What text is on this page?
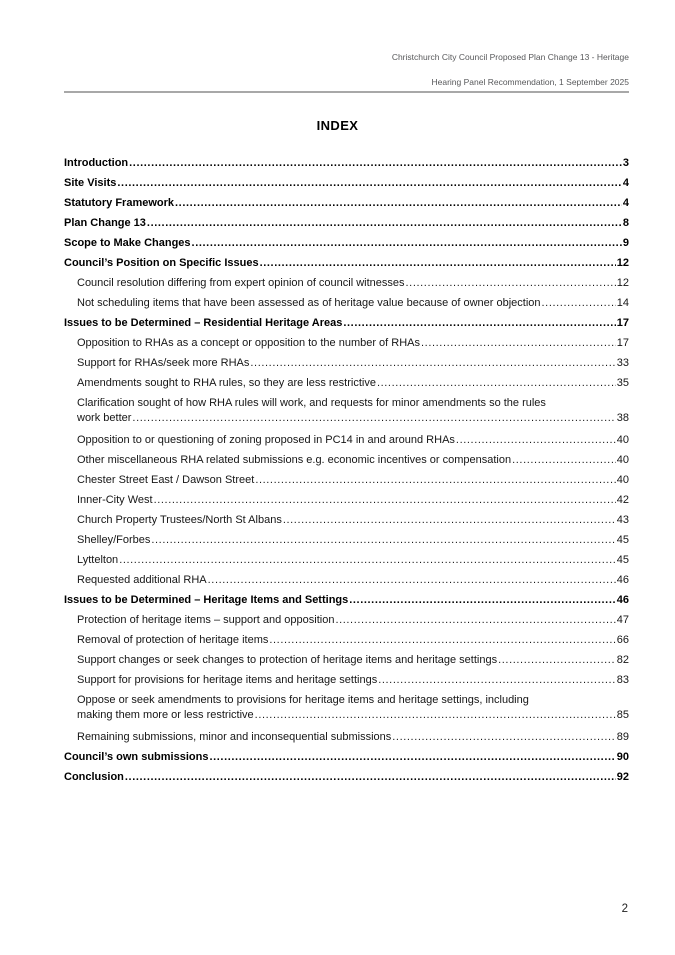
Christchurch City Council Proposed Plan Change 13 - Heritage
Hearing Panel Recommendation, 1 September 2025
INDEX
Introduction .....	3
Site Visits .....	4
Statutory Framework .....	4
Plan Change 13 .....	8
Scope to Make Changes .....	9
Council’s Position on Specific Issues .....	12
Council resolution differing from expert opinion of council witnesses .....	12
Not scheduling items that have been assessed as of heritage value because of owner objection .....	14
Issues to be Determined – Residential Heritage Areas .....	17
Opposition to RHAs as a concept or opposition to the number of RHAs .....	17
Support for RHAs/seek more RHAs .....	33
Amendments sought to RHA rules, so they are less restrictive .....	35
Clarification sought of how RHA rules will work, and requests for minor amendments so the rules
work better .....	38
Opposition to or questioning of zoning proposed in PC14 in and around RHAs .....	40
Other miscellaneous RHA related submissions e.g. economic incentives or compensation .....	40
Chester Street East / Dawson Street .....	40
Inner-City West .....	42
Church Property Trustees/North St Albans .....	43
Shelley/Forbes .....	45
Lyttelton .....	45
Requested additional RHA .....	46
Issues to be Determined – Heritage Items and Settings .....	46
Protection of heritage items – support and opposition .....	47
Removal of protection of heritage items .....	66
Support changes or seek changes to protection of heritage items and heritage settings .....	82
Support for provisions for heritage items and heritage settings .....	83
Oppose or seek amendments to provisions for heritage items and heritage settings, including
making them more or less restrictive .....	85
Remaining submissions, minor and inconsequential submissions .....	89
Council’s own submissions .....	90
Conclusion .....	92
2
